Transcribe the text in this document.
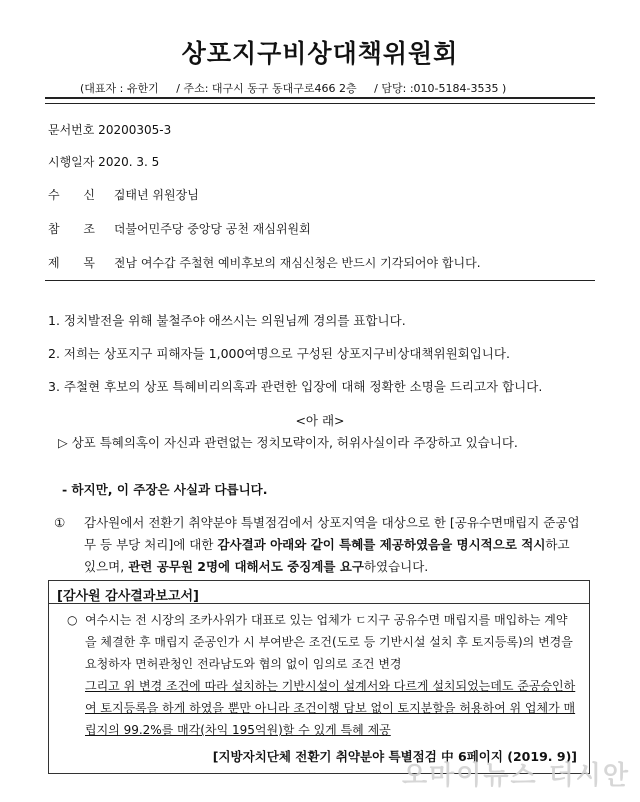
상포지구비상대책위원회
(대표자 : 유한기 / 주소: 대구시 동구 동대구로466 2층 / 담당: :010-5184-3535 )
문서번호 20200305-3
시행일자 2020. 3. 5
수 신 : 김태년 위원장님
참 조 : 더불어민주당 중앙당 공천 재심위원회
제 목 : 진남 여수갑 주철현 예비후보의 재심신청은 반드시 기각되어야 합니다.
1. 정치발전을 위해 불철주야 애쓰시는 의원님께 경의를 표합니다.
2. 저희는 상포지구 피해자들 1,000여명으로 구성된 상포지구비상대책위원회입니다.
3. 주철현 후보의 상포 특혜비리의혹과 관련한 입장에 대해 정확한 소명을 드리고자 합니다.
<아 래>
▷ 상포 특혜의혹이 자신과 관련없는 정치모략이자, 허위사실이라 주장하고 있습니다.
- 하지만, 이 주장은 사실과 다릅니다.
① 감사원에서 전환기 취약분야 특별점검에서 상포지역을 대상으로 한 [공유수면매립지 준공업무 등 부당 처리]에 대한 감사결과 아래와 같이 특혜를 제공하였음을 명시적으로 적시하고 있으며, 관련 공무원 2명에 대해서도 중징계를 요구하였습니다.
[감사원 감사결과보고서]
○ 여수시는 전 시장의 조카사위가 대표로 있는 업체가 ㄷ지구 공유수면 매립지를 매입하는 계약을 체결한 후 매립지 준공인가 시 부여받은 조건(도로 등 기반시설 설치 후 토지등록)의 변경을 요청하자 면허관청인 전라남도와 협의 없이 임의로 조건 변경
그리고 위 변경 조건에 따라 설치하는 기반시설이 설계서와 다르게 설치되었는데도 준공승인하여 토지등록을 하게 하였을 뿐만 아니라 조건이행 담보 없이 토지분할을 허용하여 위 업체가 매립지의 99.2%를 매각(차익 195억원)할 수 있게 특혜 제공
[지방자치단체 전환기 취약분야 특별점검 中 6페이지 (2019. 9)]
오마이뉴스 더시안
